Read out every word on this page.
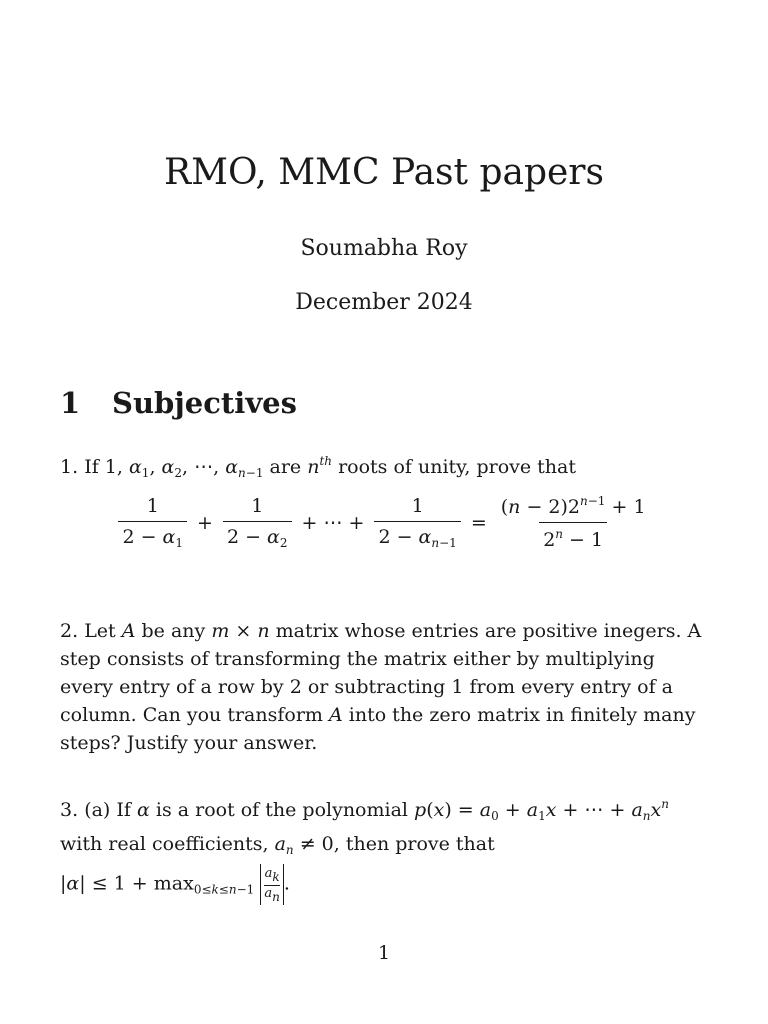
RMO, MMC Past papers
Soumabha Roy
December 2024
1 Subjectives
1. If 1, $\alpha_1$, $\alpha_2$, ⋯, $\alpha_{n-1}$ are $n^{th}$ roots of unity, prove that
$\frac{1}{2 - \alpha_1} + \frac{1}{2 - \alpha_2}$ + ⋯ + $\frac{1}{2 - \alpha_{n-1}} = \frac{(n - 2)2^{n-1} + 1}{2^n - 1}$
2. Let A be any m × n matrix whose entries are positive inegers. A step consists of transforming the matrix either by multiplying every entry of a row by 2 or subtracting 1 from every entry of a column. Can you transform A into the zero matrix in finitely many steps? Justify your answer.
3. (a) If α is a root of the polynomial $p(x) = a_0 + a_1x$ + ⋯ + $a_nx^n$
with real coefficients, $a_n \ne 0$, then prove that
$|\alpha| \le 1 + \max_{0\le k\le n-1} \frac{a_k}{a_n}$ .
1
